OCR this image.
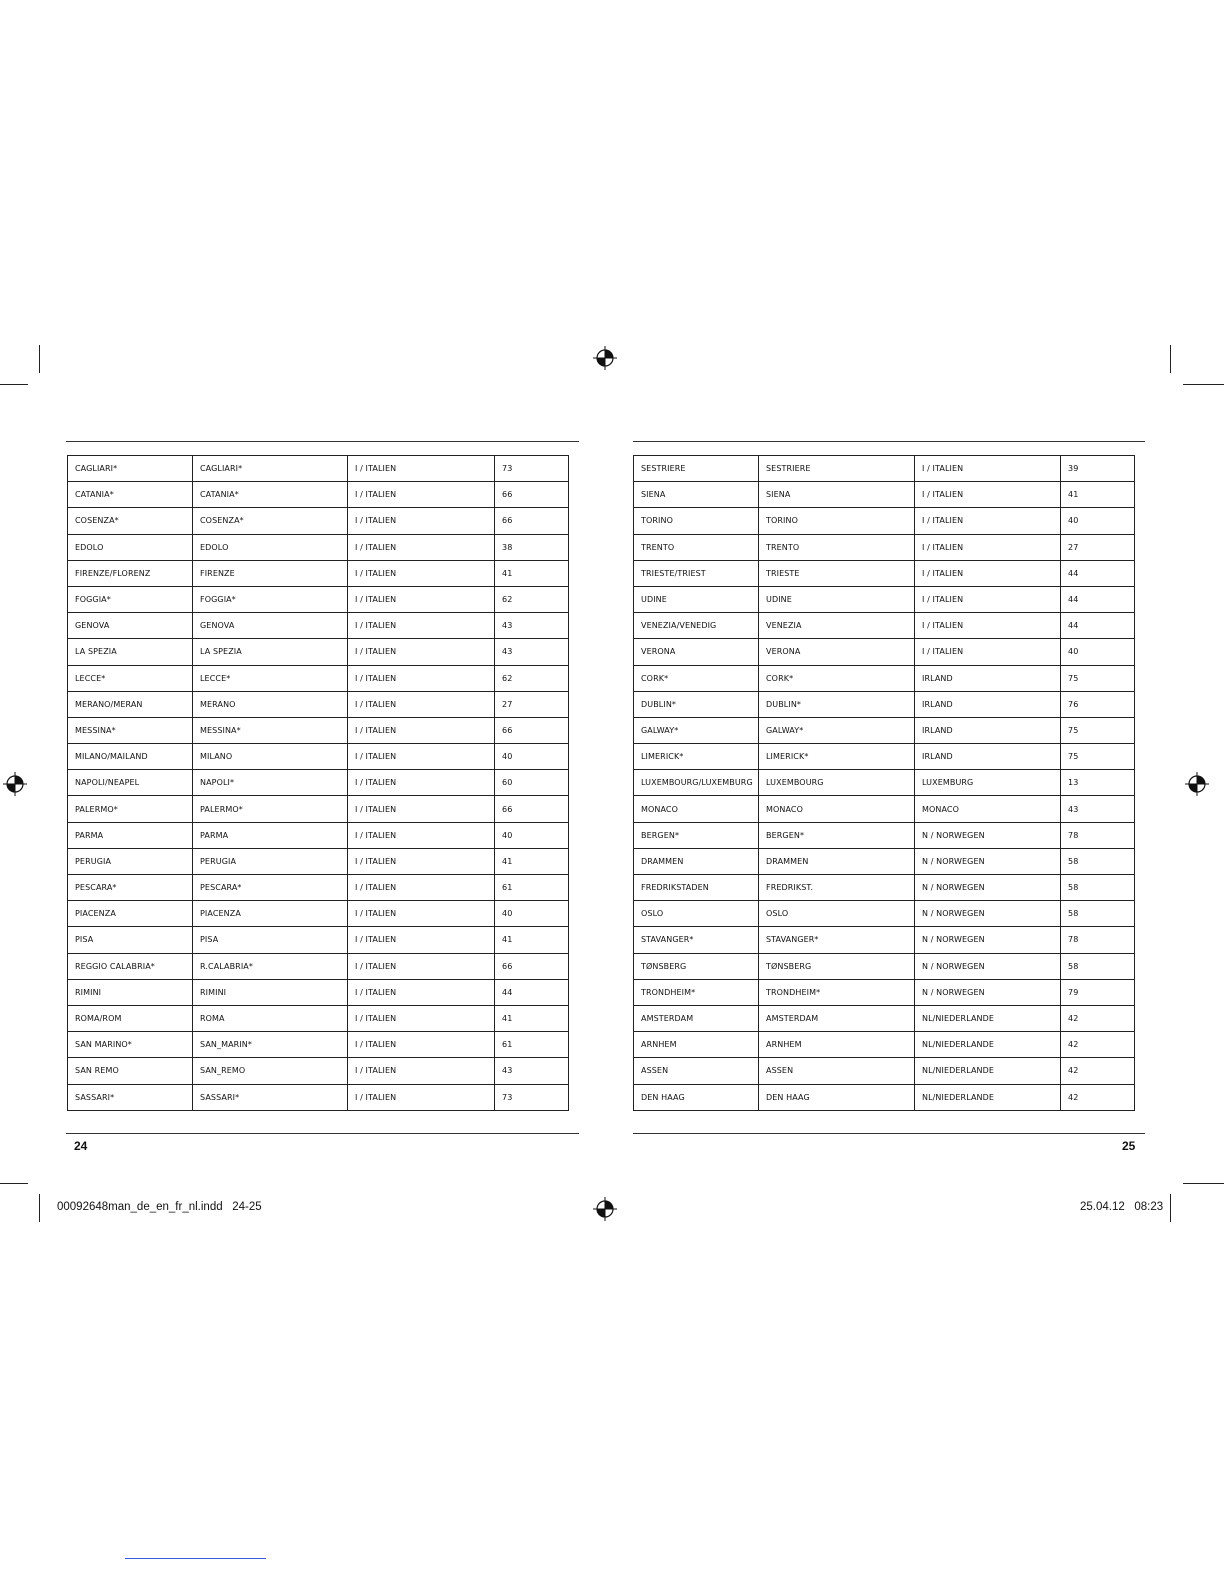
CAGLIARI*	CAGLIARI*	I / ITALIEN	73
CATANIA*	CATANIA*	I / ITALIEN	66
COSENZA*	COSENZA*	I / ITALIEN	66
EDOLO	EDOLO	I / ITALIEN	38
FIRENZE/FLORENZ	FIRENZE	I / ITALIEN	41
FOGGIA*	FOGGIA*	I / ITALIEN	62
GENOVA	GENOVA	I / ITALIEN	43
LA SPEZIA	LA SPEZIA	I / ITALIEN	43
LECCE*	LECCE*	I / ITALIEN	62
MERANO/MERAN	MERANO	I / ITALIEN	27
MESSINA*	MESSINA*	I / ITALIEN	66
MILANO/MAILAND	MILANO	I / ITALIEN	40
NAPOLI/NEAPEL	NAPOLI*	I / ITALIEN	60
PALERMO*	PALERMO*	I / ITALIEN	66
PARMA	PARMA	I / ITALIEN	40
PERUGIA	PERUGIA	I / ITALIEN	41
PESCARA*	PESCARA*	I / ITALIEN	61
PIACENZA	PIACENZA	I / ITALIEN	40
PISA	PISA	I / ITALIEN	41
REGGIO CALABRIA*	R.CALABRIA*	I / ITALIEN	66
RIMINI	RIMINI	I / ITALIEN	44
ROMA/ROM	ROMA	I / ITALIEN	41
SAN MARINO*	SAN_MARIN*	I / ITALIEN	61
SAN REMO	SAN_REMO	I / ITALIEN	43
SASSARI*	SASSARI*	I / ITALIEN	73
SESTRIERE	SESTRIERE	I / ITALIEN	39
SIENA	SIENA	I / ITALIEN	41
TORINO	TORINO	I / ITALIEN	40
TRENTO	TRENTO	I / ITALIEN	27
TRIESTE/TRIEST	TRIESTE	I / ITALIEN	44
UDINE	UDINE	I / ITALIEN	44
VENEZIA/VENEDIG	VENEZIA	I / ITALIEN	44
VERONA	VERONA	I / ITALIEN	40
CORK*	CORK*	IRLAND	75
DUBLIN*	DUBLIN*	IRLAND	76
GALWAY*	GALWAY*	IRLAND	75
LIMERICK*	LIMERICK*	IRLAND	75
LUXEMBOURG/LUXEMBURG	LUXEMBOURG	LUXEMBURG	13
MONACO	MONACO	MONACO	43
BERGEN*	BERGEN*	N / NORWEGEN	78
DRAMMEN	DRAMMEN	N / NORWEGEN	58
FREDRIKSTADEN	FREDRIKST.	N / NORWEGEN	58
OSLO	OSLO	N / NORWEGEN	58
STAVANGER*	STAVANGER*	N / NORWEGEN	78
TØNSBERG	TØNSBERG	N / NORWEGEN	58
TRONDHEIM*	TRONDHEIM*	N / NORWEGEN	79
AMSTERDAM	AMSTERDAM	NL/NIEDERLANDE	42
ARNHEM	ARNHEM	NL/NIEDERLANDE	42
ASSEN	ASSEN	NL/NIEDERLANDE	42
DEN HAAG	DEN HAAG	NL/NIEDERLANDE	42
24	25
00092648man_de_en_fr_nl.indd   24-25	25.04.12   08:23
